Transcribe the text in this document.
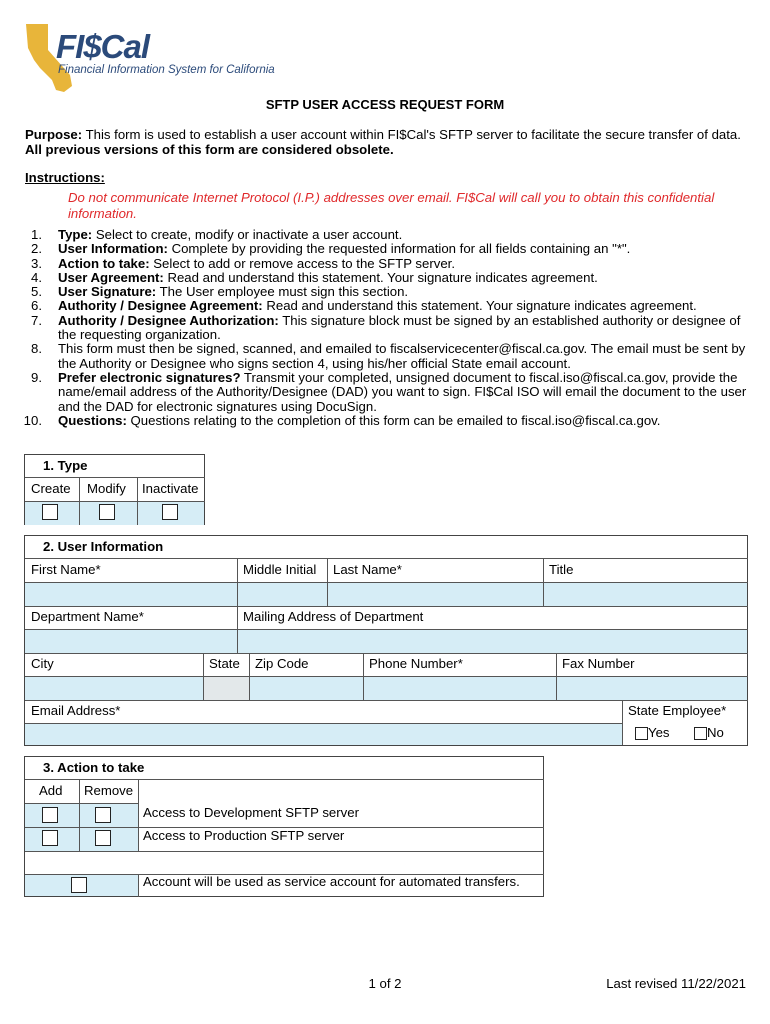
FI$Cal
Financial Information System for California
SFTP USER ACCESS REQUEST FORM
Purpose: This form is used to establish a user account within FI$Cal's SFTP server to facilitate the secure transfer of data. All previous versions of this form are considered obsolete.
Instructions:
Do not communicate Internet Protocol (I.P.) addresses over email. FI$Cal will call you to obtain this confidential information.
1. Type: Select to create, modify or inactivate a user account.
2. User Information: Complete by providing the requested information for all fields containing an "*".
3. Action to take: Select to add or remove access to the SFTP server.
4. User Agreement: Read and understand this statement. Your signature indicates agreement.
5. User Signature: The User employee must sign this section.
6. Authority / Designee Agreement: Read and understand this statement. Your signature indicates agreement.
7. Authority / Designee Authorization: This signature block must be signed by an established authority or designee of the requesting organization.
8. This form must then be signed, scanned, and emailed to fiscalservicecenter@fiscal.ca.gov. The email must be sent by the Authority or Designee who signs section 4, using his/her official State email account.
9. Prefer electronic signatures? Transmit your completed, unsigned document to fiscal.iso@fiscal.ca.gov, provide the name/email address of the Authority/Designee (DAD) you want to sign. FI$Cal ISO will email the document to the user and the DAD for electronic signatures using DocuSign.
10. Questions: Questions relating to the completion of this form can be emailed to fiscal.iso@fiscal.ca.gov.
1. Type
Create	Modify	Inactivate
2. User Information
First Name*	Middle Initial	Last Name*	Title
Department Name*	Mailing Address of Department
City	State	Zip Code	Phone Number*	Fax Number
Email Address*	State Employee*
Yes	No
3. Action to take
Add	Remove
Access to Development SFTP server
Access to Production SFTP server
Account will be used as service account for automated transfers.
1 of 2	Last revised 11/22/2021
